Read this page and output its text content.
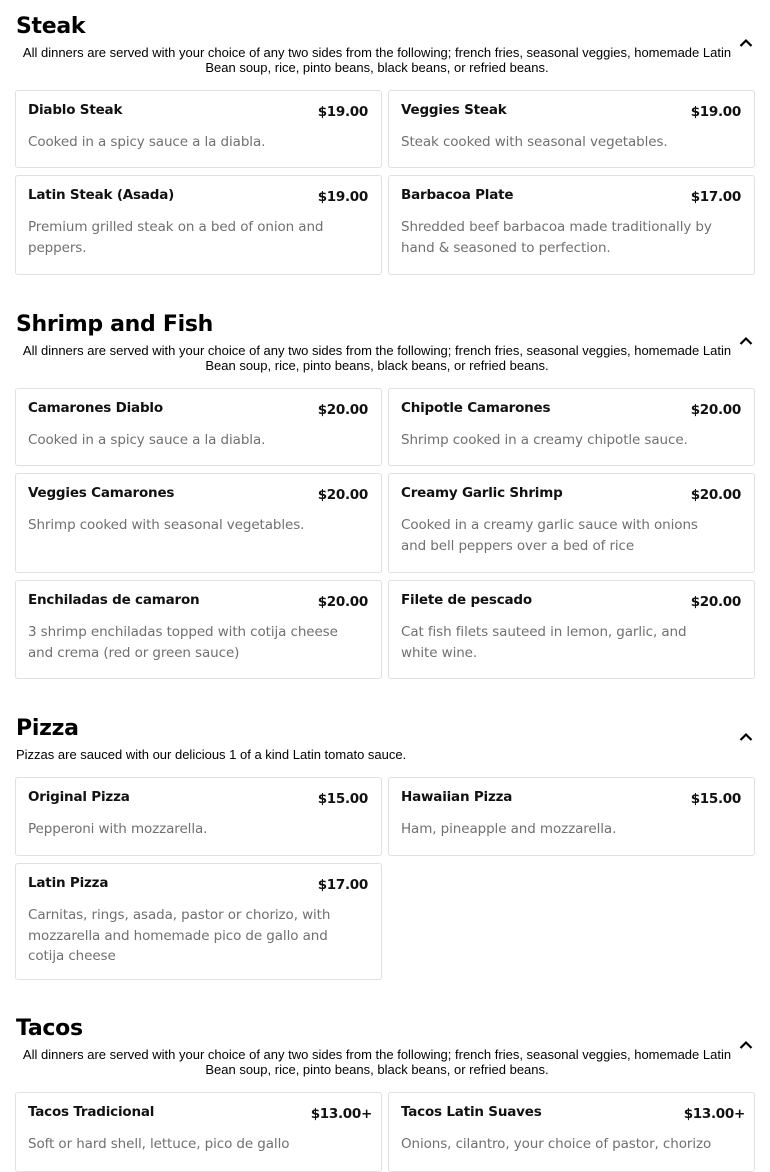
Steak
All dinners are served with your choice of any two sides from the following; french fries, seasonal veggies, homemade Latin Bean soup, rice, pinto beans, black beans, or refried beans.
Diablo Steak	$19.00
Cooked in a spicy sauce a la diabla.
Veggies Steak	$19.00
Steak cooked with seasonal vegetables.
Latin Steak (Asada)	$19.00
Premium grilled steak on a bed of onion and peppers.
Barbacoa Plate	$17.00
Shredded beef barbacoa made traditionally by hand & seasoned to perfection.
Shrimp and Fish
All dinners are served with your choice of any two sides from the following; french fries, seasonal veggies, homemade Latin Bean soup, rice, pinto beans, black beans, or refried beans.
Camarones Diablo	$20.00
Cooked in a spicy sauce a la diabla.
Chipotle Camarones	$20.00
Shrimp cooked in a creamy chipotle sauce.
Veggies Camarones	$20.00
Shrimp cooked with seasonal vegetables.
Creamy Garlic Shrimp	$20.00
Cooked in a creamy garlic sauce with onions and bell peppers over a bed of rice
Enchiladas de camaron	$20.00
3 shrimp enchiladas topped with cotija cheese and crema (red or green sauce)
Filete de pescado	$20.00
Cat fish filets sauteed in lemon, garlic, and white wine.
Pizza
Pizzas are sauced with our delicious 1 of a kind Latin tomato sauce.
Original Pizza	$15.00
Pepperoni with mozzarella.
Hawaiian Pizza	$15.00
Ham, pineapple and mozzarella.
Latin Pizza	$17.00
Carnitas, rings, asada, pastor or chorizo, with mozzarella and homemade pico de gallo and cotija cheese
Tacos
All dinners are served with your choice of any two sides from the following; french fries, seasonal veggies, homemade Latin Bean soup, rice, pinto beans, black beans, or refried beans.
Tacos Tradicional	$13.00+
Soft or hard shell, lettuce, pico de gallo
Tacos Latin Suaves	$13.00+
Onions, cilantro, your choice of pastor, chorizo
